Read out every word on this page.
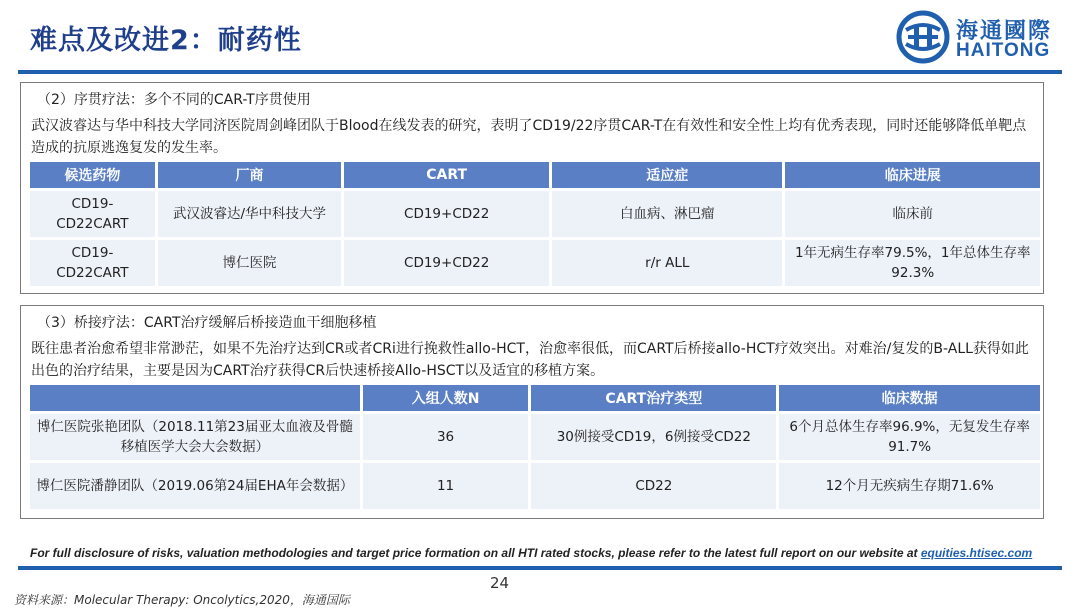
难点及改进2：耐药性	海通國際
HAITONG
（2）序贯疗法：多个不同的CAR-T序贯使用
武汉波睿达与华中科技大学同济医院周剑峰团队于Blood在线发表的研究，表明了CD19/22序贯CAR-T在有效性和安全性上均有优秀表现，同时还能够降低单靶点造成的抗原逃逸复发的发生率。
候选药物	厂商	CART	适应症	临床进展
CD19-CD22CART	武汉波睿达/华中科技大学	CD19+CD22	白血病、淋巴瘤	临床前
CD19-CD22CART	博仁医院	CD19+CD22	r/r ALL	1年无病生存率79.5%，1年总体生存率92.3%
（3）桥接疗法：CART治疗缓解后桥接造血干细胞移植
既往患者治愈希望非常渺茫，如果不先治疗达到CR或者CRi进行挽救性allo-HCT，治愈率很低，而CART后桥接allo-HCT疗效突出。对难治/复发的B-ALL获得如此出色的治疗结果，主要是因为CART治疗获得CR后快速桥接Allo-HSCT以及适宜的移植方案。
	入组人数N	CART治疗类型	临床数据
博仁医院张艳团队（2018.11第23届亚太血液及骨髓移植医学大会大会数据）	36	30例接受CD19，6例接受CD22	6个月总体生存率96.9%，无复发生存率91.7%
博仁医院潘静团队（2019.06第24届EHA年会数据）	11	CD22	12个月无疾病生存期71.6%
For full disclosure of risks, valuation methodologies and target price formation on all HTI rated stocks, please refer to the latest full report on our website at equities.htisec.com
24
资料来源：Molecular Therapy: Oncolytics,2020，海通国际
